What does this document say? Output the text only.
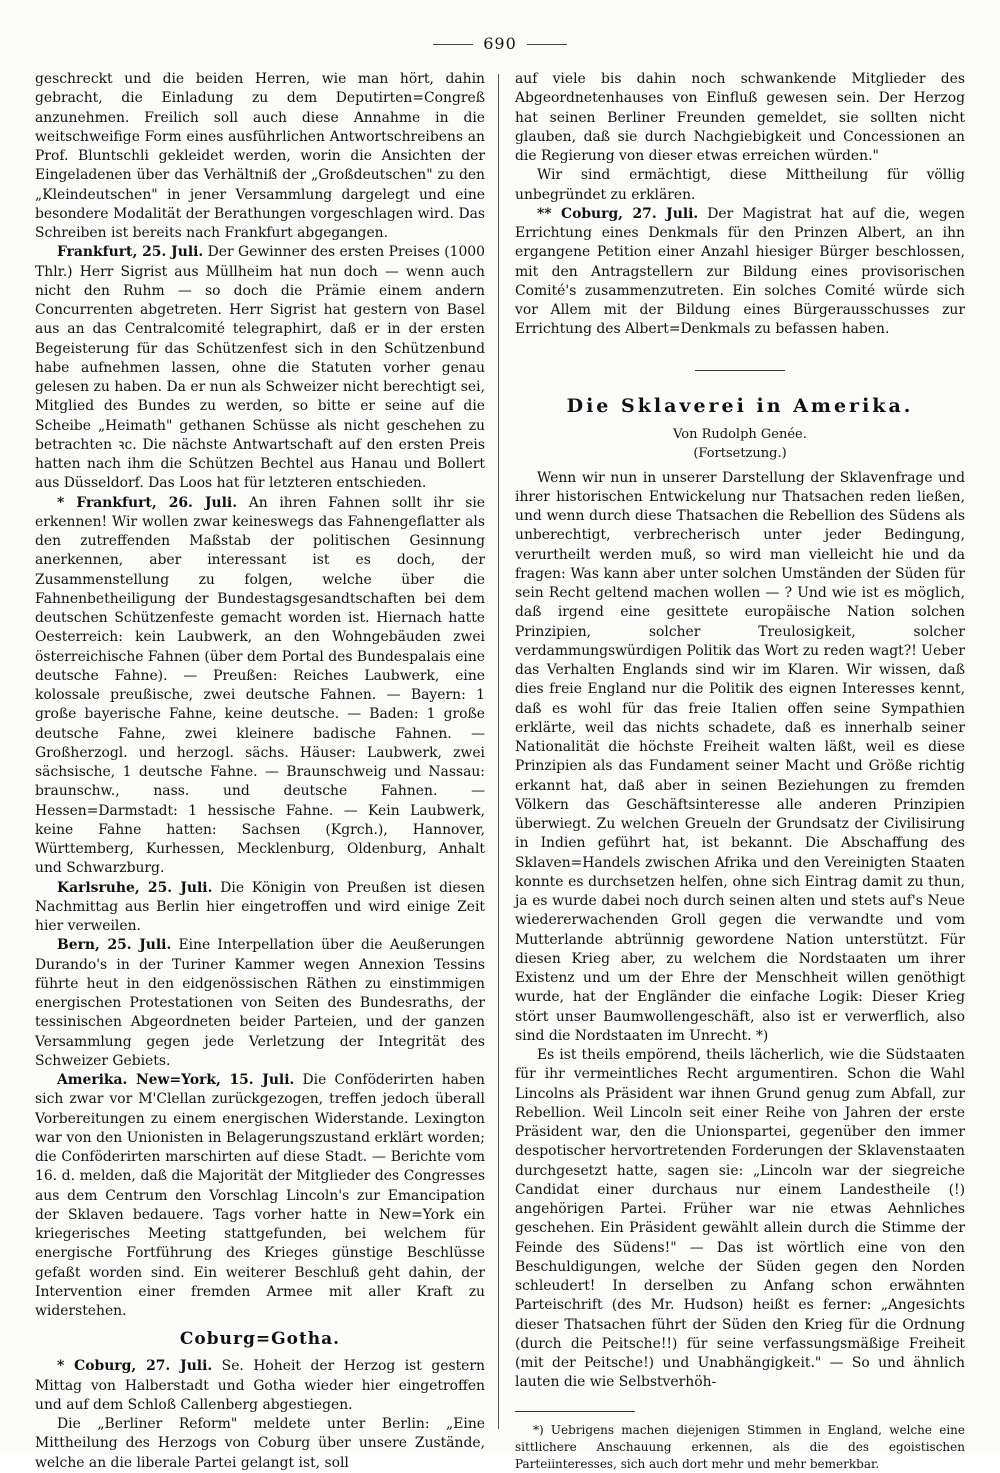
690

geschreckt und die beiden Herren, wie man hört, dahin gebracht, die Einladung zu dem Deputirten=Congreß anzunehmen. Freilich soll auch diese Annahme in die weitschweifige Form eines ausführlichen Antwortschreibens an Prof. Bluntschli gekleidet werden, worin die Ansichten der Eingeladenen über das Verhältniß der „Großdeutschen" zu den „Kleindeutschen" in jener Versammlung dargelegt und eine besondere Modalität der Berathungen vorgeschlagen wird. Das Schreiben ist bereits nach Frankfurt abgegangen.

Frankfurt, 25. Juli. Der Gewinner des ersten Preises (1000 Thlr.) Herr Sigrist aus Müllheim hat nun doch — wenn auch nicht den Ruhm — so doch die Prämie einem andern Concurrenten abgetreten. Herr Sigrist hat gestern von Basel aus an das Centralcomité telegraphirt, daß er in der ersten Begeisterung für das Schützenfest sich in den Schützenbund habe aufnehmen lassen, ohne die Statuten vorher genau gelesen zu haben. Da er nun als Schweizer nicht berechtigt sei, Mitglied des Bundes zu werden, so bitte er seine auf die Scheibe „Heimath" gethanen Schüsse als nicht geschehen zu betrachten ꝛc. Die nächste Antwartschaft auf den ersten Preis hatten nach ihm die Schützen Bechtel aus Hanau und Bollert aus Düsseldorf. Das Loos hat für letzteren entschieden.

* Frankfurt, 26. Juli. An ihren Fahnen sollt ihr sie erkennen! Wir wollen zwar keineswegs das Fahnengeflatter als den zutreffenden Maßstab der politischen Gesinnung anerkennen, aber interessant ist es doch, der Zusammenstellung zu folgen, welche über die Fahnenbetheiligung der Bundestagsgesandtschaften bei dem deutschen Schützenfeste gemacht worden ist. Hiernach hatte Oesterreich: kein Laubwerk, an den Wohngebäuden zwei österreichische Fahnen (über dem Portal des Bundespalais eine deutsche Fahne). — Preußen: Reiches Laubwerk, eine kolossale preußische, zwei deutsche Fahnen. — Bayern: 1 große bayerische Fahne, keine deutsche. — Baden: 1 große deutsche Fahne, zwei kleinere badische Fahnen. — Großherzogl. und herzogl. sächs. Häuser: Laubwerk, zwei sächsische, 1 deutsche Fahne. — Braunschweig und Nassau: braunschw., nass. und deutsche Fahnen. — Hessen=Darmstadt: 1 hessische Fahne. — Kein Laubwerk, keine Fahne hatten: Sachsen (Kgrch.), Hannover, Württemberg, Kurhessen, Mecklenburg, Oldenburg, Anhalt und Schwarzburg.

Karlsruhe, 25. Juli. Die Königin von Preußen ist diesen Nachmittag aus Berlin hier eingetroffen und wird einige Zeit hier verweilen.

Bern, 25. Juli. Eine Interpellation über die Aeußerungen Durando's in der Turiner Kammer wegen Annexion Tessins führte heut in den eidgenössischen Räthen zu einstimmigen energischen Protestationen von Seiten des Bundesraths, der tessinischen Abgeordneten beider Parteien, und der ganzen Versammlung gegen jede Verletzung der Integrität des Schweizer Gebiets.

Amerika. New=York, 15. Juli. Die Conföderirten haben sich zwar vor M'Clellan zurückgezogen, treffen jedoch überall Vorbereitungen zu einem energischen Widerstande. Lexington war von den Unionisten in Belagerungszustand erklärt worden; die Conföderirten marschirten auf diese Stadt. — Berichte vom 16. d. melden, daß die Majorität der Mitglieder des Congresses aus dem Centrum den Vorschlag Lincoln's zur Emancipation der Sklaven bedauere. Tags vorher hatte in New=York ein kriegerisches Meeting stattgefunden, bei welchem für energische Fortführung des Krieges günstige Beschlüsse gefaßt worden sind. Ein weiterer Beschluß geht dahin, der Intervention einer fremden Armee mit aller Kraft zu widerstehen.

Coburg=Gotha.

* Coburg, 27. Juli. Se. Hoheit der Herzog ist gestern Mittag von Halberstadt und Gotha wieder hier eingetroffen und auf dem Schloß Callenberg abgestiegen.

Die „Berliner Reform" meldete unter Berlin: „Eine Mittheilung des Herzogs von Coburg über unsere Zustände, welche an die liberale Partei gelangt ist, soll

auf viele bis dahin noch schwankende Mitglieder des Abgeordnetenhauses von Einfluß gewesen sein. Der Herzog hat seinen Berliner Freunden gemeldet, sie sollten nicht glauben, daß sie durch Nachgiebigkeit und Concessionen an die Regierung von dieser etwas erreichen würden."

Wir sind ermächtigt, diese Mittheilung für völlig unbegründet zu erklären.

** Coburg, 27. Juli. Der Magistrat hat auf die, wegen Errichtung eines Denkmals für den Prinzen Albert, an ihn ergangene Petition einer Anzahl hiesiger Bürger beschlossen, mit den Antragstellern zur Bildung eines provisorischen Comité's zusammenzutreten. Ein solches Comité würde sich vor Allem mit der Bildung eines Bürgerausschusses zur Errichtung des Albert=Denkmals zu befassen haben.

Die Sklaverei in Amerika.
Von Rudolph Genée.
(Fortsetzung.)

Wenn wir nun in unserer Darstellung der Sklavenfrage und ihrer historischen Entwickelung nur Thatsachen reden ließen, und wenn durch diese Thatsachen die Rebellion des Südens als unberechtigt, verbrecherisch unter jeder Bedingung, verurtheilt werden muß, so wird man vielleicht hie und da fragen: Was kann aber unter solchen Umständen der Süden für sein Recht geltend machen wollen — ? Und wie ist es möglich, daß irgend eine gesittete europäische Nation solchen Prinzipien, solcher Treulosigkeit, solcher verdammungswürdigen Politik das Wort zu reden wagt?! Ueber das Verhalten Englands sind wir im Klaren. Wir wissen, daß dies freie England nur die Politik des eignen Interesses kennt, daß es wohl für das freie Italien offen seine Sympathien erklärte, weil das nichts schadete, daß es innerhalb seiner Nationalität die höchste Freiheit walten läßt, weil es diese Prinzipien als das Fundament seiner Macht und Größe richtig erkannt hat, daß aber in seinen Beziehungen zu fremden Völkern das Geschäftsinteresse alle anderen Prinzipien überwiegt. Zu welchen Greueln der Grundsatz der Civilisirung in Indien geführt hat, ist bekannt. Die Abschaffung des Sklaven=Handels zwischen Afrika und den Vereinigten Staaten konnte es durchsetzen helfen, ohne sich Eintrag damit zu thun, ja es wurde dabei noch durch seinen alten und stets auf's Neue wiedererwachenden Groll gegen die verwandte und vom Mutterlande abtrünnig gewordene Nation unterstützt. Für diesen Krieg aber, zu welchem die Nordstaaten um ihrer Existenz und um der Ehre der Menschheit willen genöthigt wurde, hat der Engländer die einfache Logik: Dieser Krieg stört unser Baumwollengeschäft, also ist er verwerflich, also sind die Nordstaaten im Unrecht. *)

Es ist theils empörend, theils lächerlich, wie die Südstaaten für ihr vermeintliches Recht argumentiren. Schon die Wahl Lincolns als Präsident war ihnen Grund genug zum Abfall, zur Rebellion. Weil Lincoln seit einer Reihe von Jahren der erste Präsident war, den die Unionspartei, gegenüber den immer despotischer hervortretenden Forderungen der Sklavenstaaten durchgesetzt hatte, sagen sie: „Lincoln war der siegreiche Candidat einer durchaus nur einem Landestheile (!) angehörigen Partei. Früher war nie etwas Aehnliches geschehen. Ein Präsident gewählt allein durch die Stimme der Feinde des Südens!" — Das ist wörtlich eine von den Beschuldigungen, welche der Süden gegen den Norden schleudert! In derselben zu Anfang schon erwähnten Parteischrift (des Mr. Hudson) heißt es ferner: „Angesichts dieser Thatsachen führt der Süden den Krieg für die Ordnung (durch die Peitsche!!) für seine verfassungsmäßige Freiheit (mit der Peitsche!) und Unabhängigkeit." — So und ähnlich lauten die wie Selbstverhöh-

*) Uebrigens machen diejenigen Stimmen in England, welche eine sittlichere Anschauung erkennen, als die des egoistischen Parteiinteresses, sich auch dort mehr und mehr bemerkbar.
